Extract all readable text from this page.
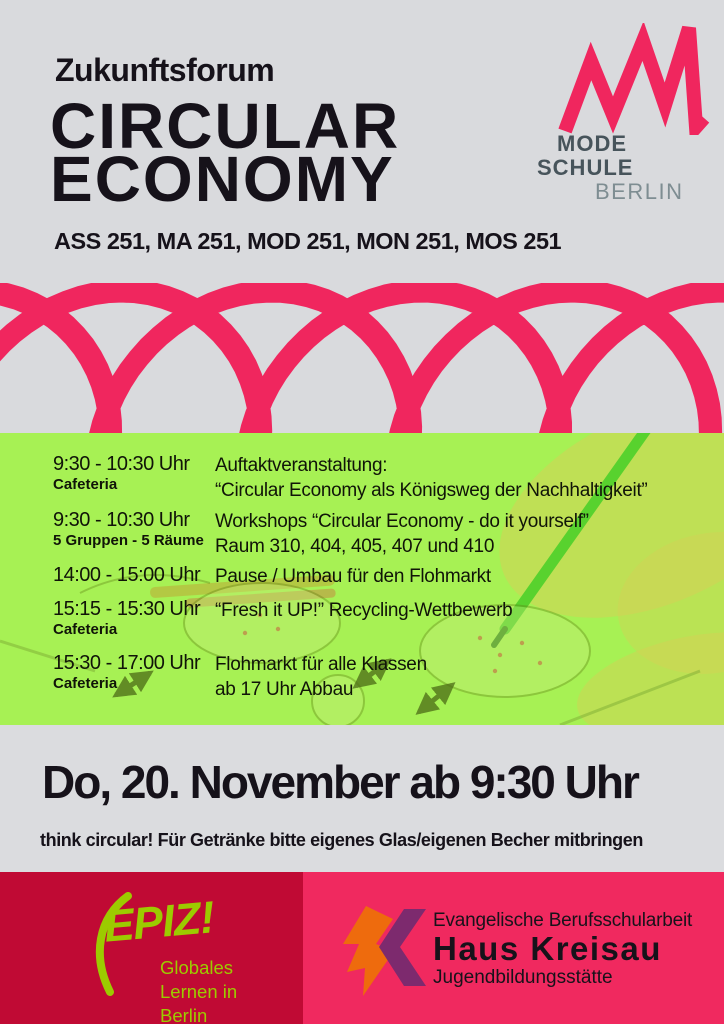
Zukunftsforum
CIRCULAR
ECONOMY
ASS 251, MA 251, MOD 251, MON 251, MOS 251
MODE
SCHULE
BERLIN
9:30 - 10:30 Uhr
Cafeteria
Auftaktveranstaltung:
“Circular Economy als Königsweg der Nachhaltigkeit”
9:30 - 10:30 Uhr
5 Gruppen - 5 Räume
Workshops “Circular Economy - do it yourself”
Raum 310, 404, 405, 407 und 410
14:00 - 15:00 Uhr Pause / Umbau für den Flohmarkt
15:15 - 15:30 Uhr
Cafeteria
“Fresh it UP!” Recycling-Wettbewerb
15:30 - 17:00 Uhr
Cafeteria
Flohmarkt für alle Klassen
ab 17 Uhr Abbau
Do, 20. November ab 9:30 Uhr
think circular! Für Getränke bitte eigenes Glas/eigenen Becher mitbringen
EPIZ!
Globales
Lernen in
Berlin
Evangelische Berufsschularbeit
Haus Kreisau
Jugendbildungsstätte
